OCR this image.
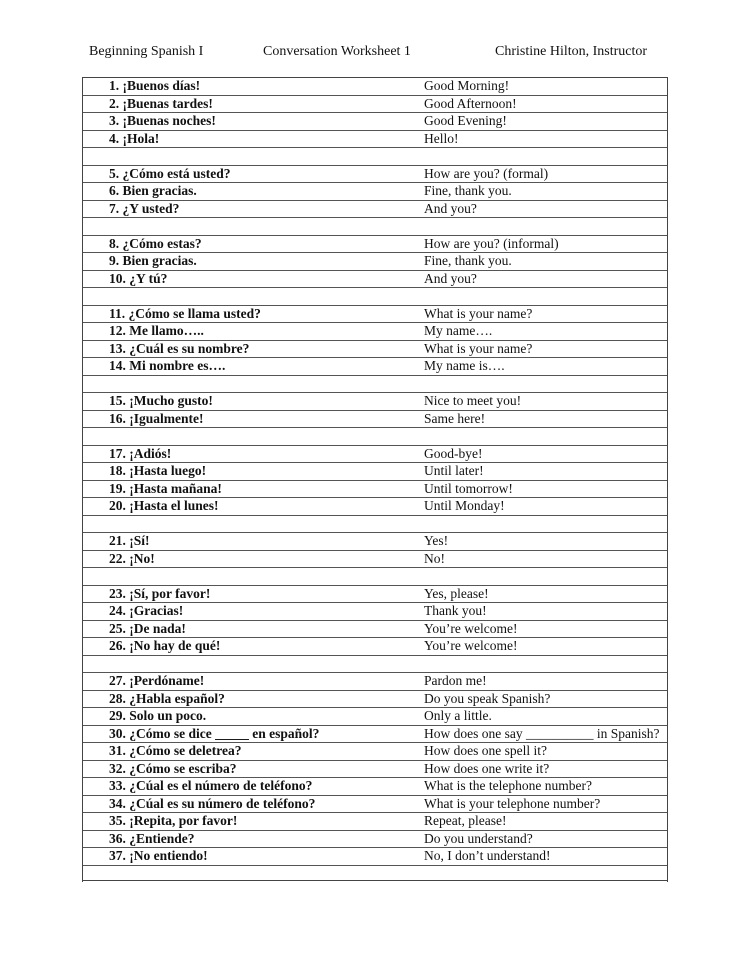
Beginning Spanish I	Conversation Worksheet 1	Christine Hilton, Instructor
1. ¡Buenos días!	Good Morning!
2. ¡Buenas tardes!	Good Afternoon!
3. ¡Buenas noches!	Good Evening!
4. ¡Hola!	Hello!

5. ¿Cómo está usted?	How are you? (formal)
6. Bien gracias.	Fine, thank you.
7. ¿Y usted?	And you?

8. ¿Cómo estas?	How are you? (informal)
9. Bien gracias.	Fine, thank you.
10. ¿Y tú?	And you?

11. ¿Cómo se llama usted?	What is your name?
12. Me llamo…..	My name….
13. ¿Cuál es su nombre?	What is your name?
14. Mi nombre es….	My name is….

15. ¡Mucho gusto!	Nice to meet you!
16. ¡Igualmente!	Same here!

17. ¡Adiós!	Good-bye!
18. ¡Hasta luego!	Until later!
19. ¡Hasta mañana!	Until tomorrow!
20. ¡Hasta el lunes!	Until Monday!

21. ¡Sí!	Yes!
22. ¡No!	No!

23. ¡Sí, por favor!	Yes, please!
24. ¡Gracias!	Thank you!
25. ¡De nada!	You’re welcome!
26. ¡No hay de qué!	You’re welcome!

27. ¡Perdóname!	Pardon me!
28. ¿Habla español?	Do you speak Spanish?
29. Solo un poco.	Only a little.
30. ¿Cómo se dice _____ en español?	How does one say __________ in Spanish?
31. ¿Cómo se deletrea?	How does one spell it?
32. ¿Cómo se escriba?	How does one write it?
33. ¿Cúal es el número de teléfono?	What is the telephone number?
34. ¿Cúal es su número de teléfono?	What is your telephone number?
35. ¡Repita, por favor!	Repeat, please!
36. ¿Entiende?	Do you understand?
37. ¡No entiendo!	No, I don’t understand!
